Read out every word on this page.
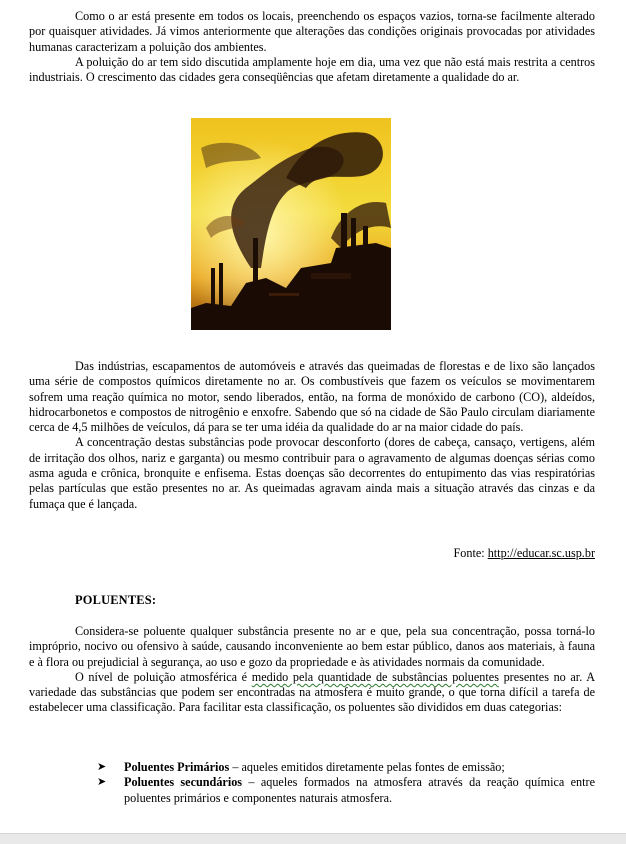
Como o ar está presente em todos os locais, preenchendo os espaços vazios, torna-se facilmente alterado por quaisquer atividades. Já vimos anteriormente que alterações das condições originais provocadas por atividades humanas caracterizam a poluição dos ambientes.

A poluição do ar tem sido discutida amplamente hoje em dia, uma vez que não está mais restrita a centros industriais. O crescimento das cidades gera conseqüências que afetam diretamente a qualidade do ar.

Das indústrias, escapamentos de automóveis e através das queimadas de florestas e de lixo são lançados uma série de compostos químicos diretamente no ar. Os combustíveis que fazem os veículos se movimentarem sofrem uma reação química no motor, sendo liberados, então, na forma de monóxido de carbono (CO), aldeídos, hidrocarbonetos e compostos de nitrogênio e enxofre. Sabendo que só na cidade de São Paulo circulam diariamente cerca de 4,5 milhões de veículos, dá para se ter uma idéia da qualidade do ar na maior cidade do país.

A concentração destas substâncias pode provocar desconforto (dores de cabeça, cansaço, vertigens, além de irritação dos olhos, nariz e garganta) ou mesmo contribuir para o agravamento de algumas doenças sérias como asma aguda e crônica, bronquite e enfisema. Estas doenças são decorrentes do entupimento das vias respiratórias pelas partículas que estão presentes no ar. As queimadas agravam ainda mais a situação através das cinzas e da fumaça que é lançada.

Fonte: http://educar.sc.usp.br
POLUENTES:

Considera-se poluente qualquer substância presente no ar e que, pela sua concentração, possa torná-lo impróprio, nocivo ou ofensivo à saúde, causando inconveniente ao bem estar público, danos aos materiais, à fauna e à flora ou prejudicial à segurança, ao uso e gozo da propriedade e às atividades normais da comunidade.

O nível de poluição atmosférica é medido pela quantidade de substâncias poluentes presentes no ar. A variedade das substâncias que podem ser encontradas na atmosfera é muito grande, o que torna difícil a tarefa de estabelecer uma classificação. Para facilitar esta classificação, os poluentes são divididos em duas categorias:

➤	Poluentes Primários – aqueles emitidos diretamente pelas fontes de emissão;
➤	Poluentes secundários – aqueles formados na atmosfera através da reação química entre poluentes primários e componentes naturais atmosfera.
